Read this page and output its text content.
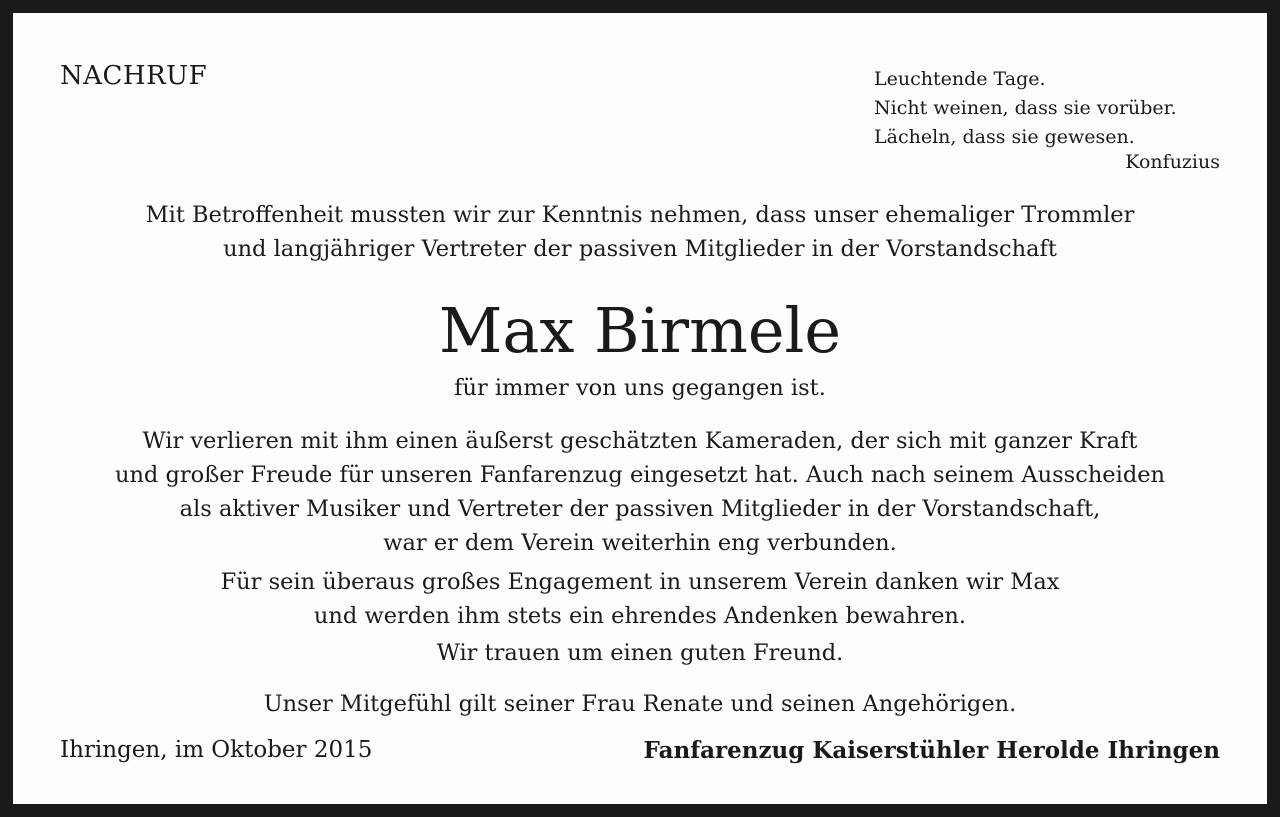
NACHRUF	Leuchtende Tage.
Nicht weinen, dass sie vorüber.
Lächeln, dass sie gewesen.
Konfuzius
Mit Betroffenheit mussten wir zur Kenntnis nehmen, dass unser ehemaliger Trommler
und langjähriger Vertreter der passiven Mitglieder in der Vorstandschaft
Max Birmele
für immer von uns gegangen ist.
Wir verlieren mit ihm einen äußerst geschätzten Kameraden, der sich mit ganzer Kraft
und großer Freude für unseren Fanfarenzug eingesetzt hat. Auch nach seinem Ausscheiden
als aktiver Musiker und Vertreter der passiven Mitglieder in der Vorstandschaft,
war er dem Verein weiterhin eng verbunden.
Für sein überaus großes Engagement in unserem Verein danken wir Max
und werden ihm stets ein ehrendes Andenken bewahren.
Wir trauen um einen guten Freund.
Unser Mitgefühl gilt seiner Frau Renate und seinen Angehörigen.
Ihringen, im Oktober 2015	Fanfarenzug Kaiserstühler Herolde Ihringen
